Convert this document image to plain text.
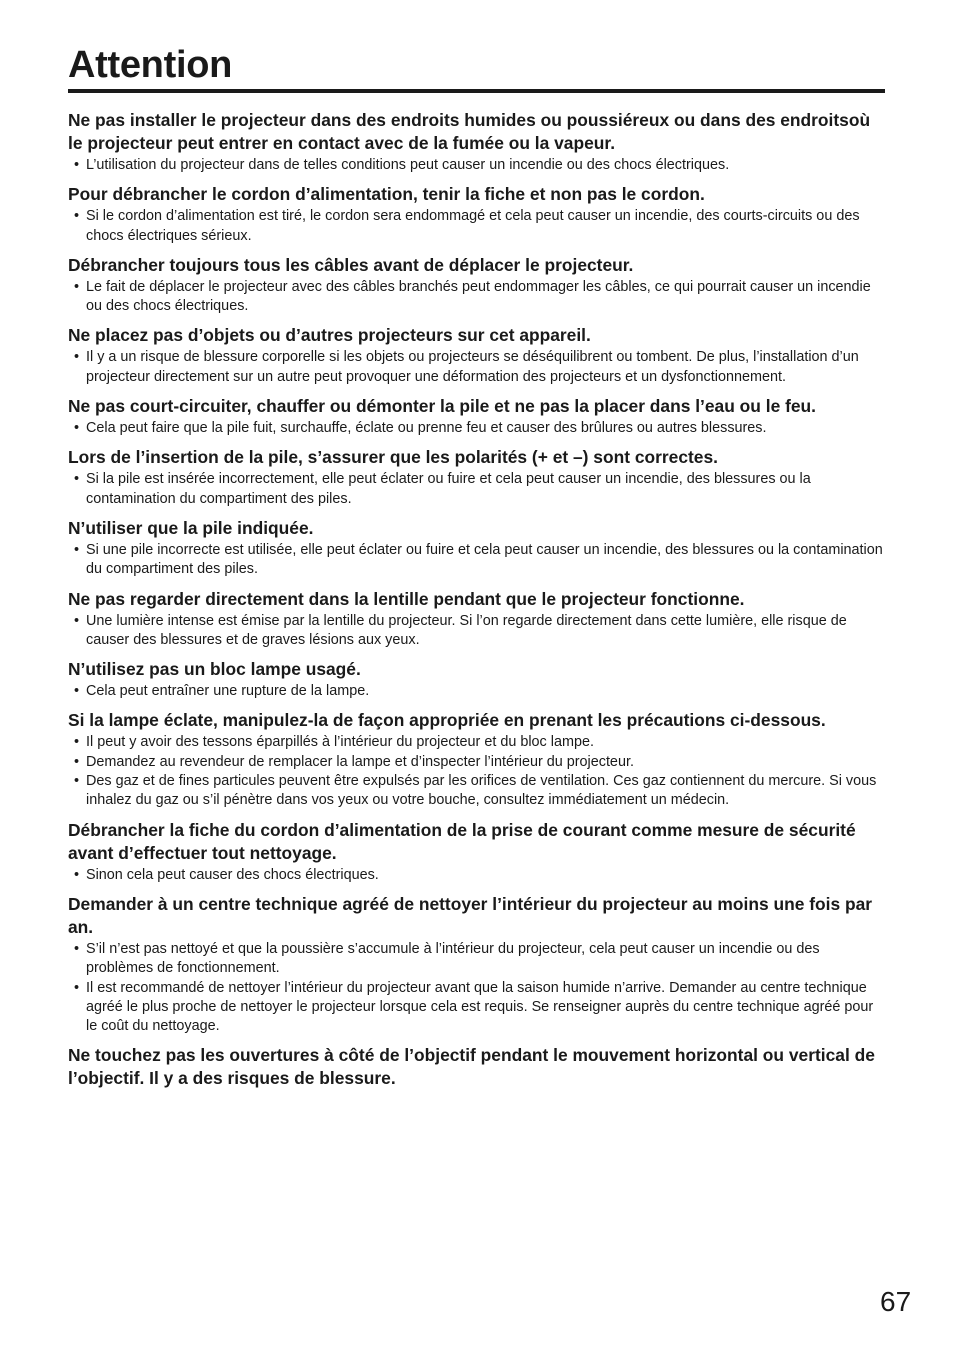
Attention
Ne pas installer le projecteur dans des endroits humides ou poussiéreux ou dans des endroitsoù le projecteur peut entrer en contact avec de la fumée ou la vapeur.
• L’utilisation du projecteur dans de telles conditions peut causer un incendie ou des chocs électriques.
Pour débrancher le cordon d’alimentation, tenir la fiche et non pas le cordon.
• Si le cordon d’alimentation est tiré, le cordon sera endommagé et cela peut causer un incendie, des courts-circuits ou des chocs électriques sérieux.
Débrancher toujours tous les câbles avant de déplacer le projecteur.
• Le fait de déplacer le projecteur avec des câbles branchés peut endommager les câbles, ce qui pourrait causer un incendie ou des chocs électriques.
Ne placez pas d’objets ou d’autres projecteurs sur cet appareil.
• Il y a un risque de blessure corporelle si les objets ou projecteurs se déséquilibrent ou tombent. De plus, l’installation d’un projecteur directement sur un autre peut provoquer une déformation des projecteurs et un dysfonctionnement.
Ne pas court-circuiter, chauffer ou démonter la pile et ne pas la placer dans l’eau ou le feu.
• Cela peut faire que la pile fuit, surchauffe, éclate ou prenne feu et causer des brûlures ou autres blessures.
Lors de l’insertion de la pile, s’assurer que les polarités (+ et –) sont correctes.
• Si la pile est insérée incorrectement, elle peut éclater ou fuire et cela peut causer un incendie, des blessures ou la contamination du compartiment des piles.
N’utiliser que la pile indiquée.
• Si une pile incorrecte est utilisée, elle peut éclater ou fuire et cela peut causer un incendie, des blessures ou la contamination du compartiment des piles.
Ne pas regarder directement dans la lentille pendant que le projecteur fonctionne.
• Une lumière intense est émise par la lentille du projecteur. Si l’on regarde directement dans cette lumière, elle risque de causer des blessures et de graves lésions aux yeux.
N’utilisez pas un bloc lampe usagé.
• Cela peut entraîner une rupture de la lampe.
Si la lampe éclate, manipulez-la de façon appropriée en prenant les précautions ci-dessous.
• Il peut y avoir des tessons éparpillés à l’intérieur du projecteur et du bloc lampe.
• Demandez au revendeur de remplacer la lampe et d’inspecter l’intérieur du projecteur.
• Des gaz et de fines particules peuvent être expulsés par les orifices de ventilation. Ces gaz contiennent du mercure. Si vous inhalez du gaz ou s’il pénètre dans vos yeux ou votre bouche, consultez immédiatement un médecin.
Débrancher la fiche du cordon d’alimentation de la prise de courant comme mesure de sécurité avant d’effectuer tout nettoyage.
• Sinon cela peut causer des chocs électriques.
Demander à un centre technique agréé de nettoyer l’intérieur du projecteur au moins une fois par an.
• S’il n’est pas nettoyé et que la poussière s’accumule à l’intérieur du projecteur, cela peut causer un incendie ou des problèmes de fonctionnement.
• Il est recommandé de nettoyer l’intérieur du projecteur avant que la saison humide n’arrive. Demander au centre technique agréé le plus proche de nettoyer le projecteur lorsque cela est requis. Se renseigner auprès du centre technique agréé pour le coût du nettoyage.
Ne touchez pas les ouvertures à côté de l’objectif pendant le mouvement horizontal ou vertical de l’objectif. Il y a des risques de blessure.
67
